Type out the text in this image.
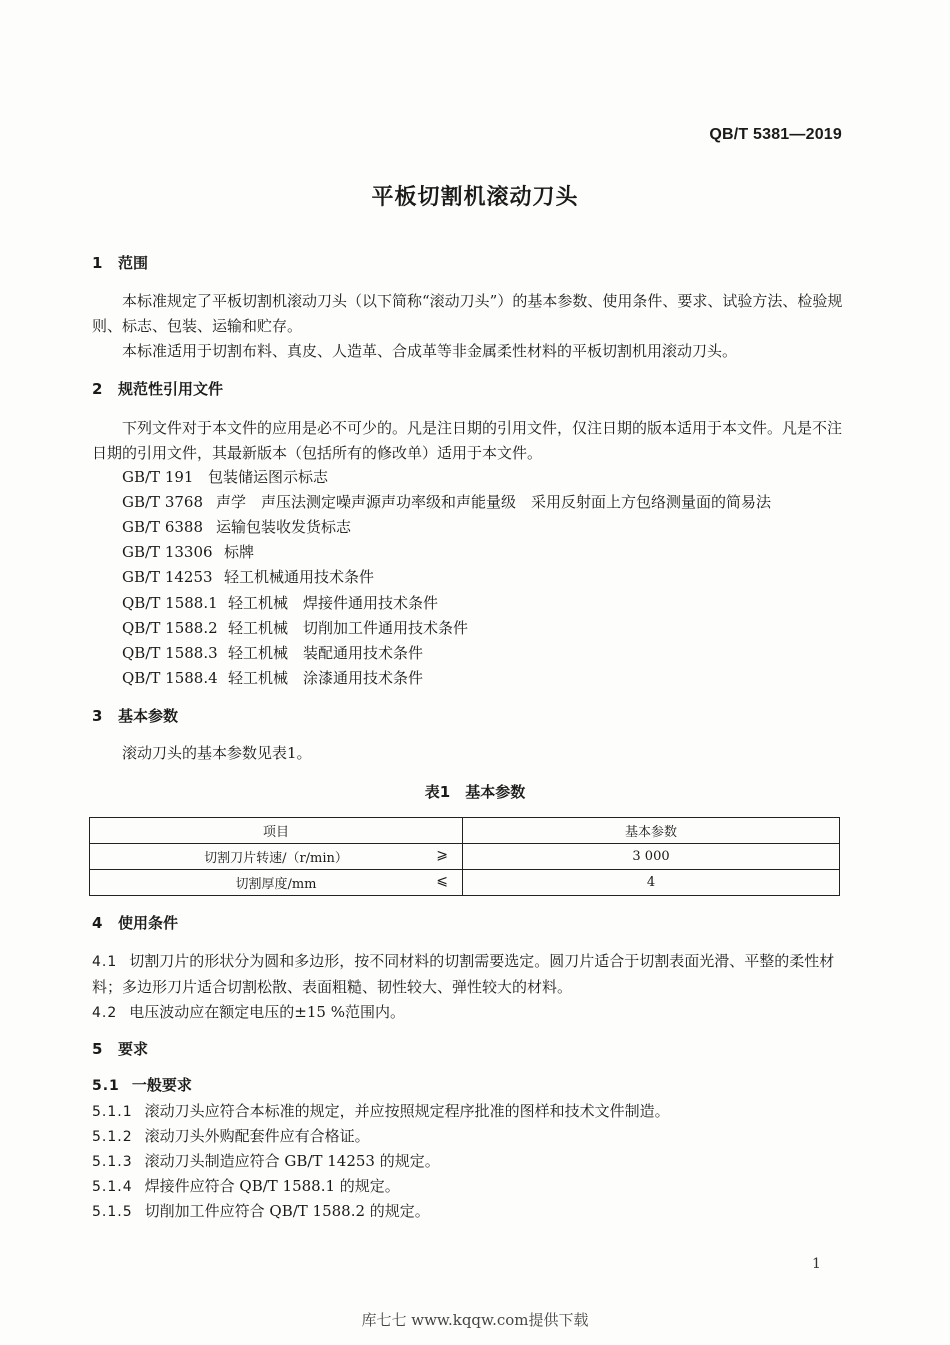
QB/T 5381—2019
平板切割机滚动刀头
1 范围
本标准规定了平板切割机滚动刀头（以下简称“滚动刀头”）的基本参数、使用条件、要求、试验方法、检验规则、标志、包装、运输和贮存。
本标准适用于切割布料、真皮、人造革、合成革等非金属柔性材料的平板切割机用滚动刀头。
2 规范性引用文件
下列文件对于本文件的应用是必不可少的。凡是注日期的引用文件，仅注日期的版本适用于本文件。凡是不注日期的引用文件，其最新版本（包括所有的修改单）适用于本文件。
GB/T 191 包装储运图示标志
GB/T 3768 声学　声压法测定噪声源声功率级和声能量级　采用反射面上方包络测量面的简易法
GB/T 6388 运输包装收发货标志
GB/T 13306 标牌
GB/T 14253 轻工机械通用技术条件
QB/T 1588.1 轻工机械　焊接件通用技术条件
QB/T 1588.2 轻工机械　切削加工件通用技术条件
QB/T 1588.3 轻工机械　装配通用技术条件
QB/T 1588.4 轻工机械　涂漆通用技术条件
3 基本参数
滚动刀头的基本参数见表1。
表1　基本参数
项目	基本参数
切割刀片转速/（r/min） ⩾	3 000
切割厚度/mm ⩽	4
4 使用条件
4.1 切割刀片的形状分为圆和多边形，按不同材料的切割需要选定。圆刀片适合于切割表面光滑、平整的柔性材料；多边形刀片适合切割松散、表面粗糙、韧性较大、弹性较大的材料。
4.2 电压波动应在额定电压的±15 %范围内。
5 要求
5.1 一般要求
5.1.1 滚动刀头应符合本标准的规定，并应按照规定程序批准的图样和技术文件制造。
5.1.2 滚动刀头外购配套件应有合格证。
5.1.3 滚动刀头制造应符合 GB/T 14253 的规定。
5.1.4 焊接件应符合 QB/T 1588.1 的规定。
5.1.5 切削加工件应符合 QB/T 1588.2 的规定。
1
库七七 www.kqqw.com提供下载
